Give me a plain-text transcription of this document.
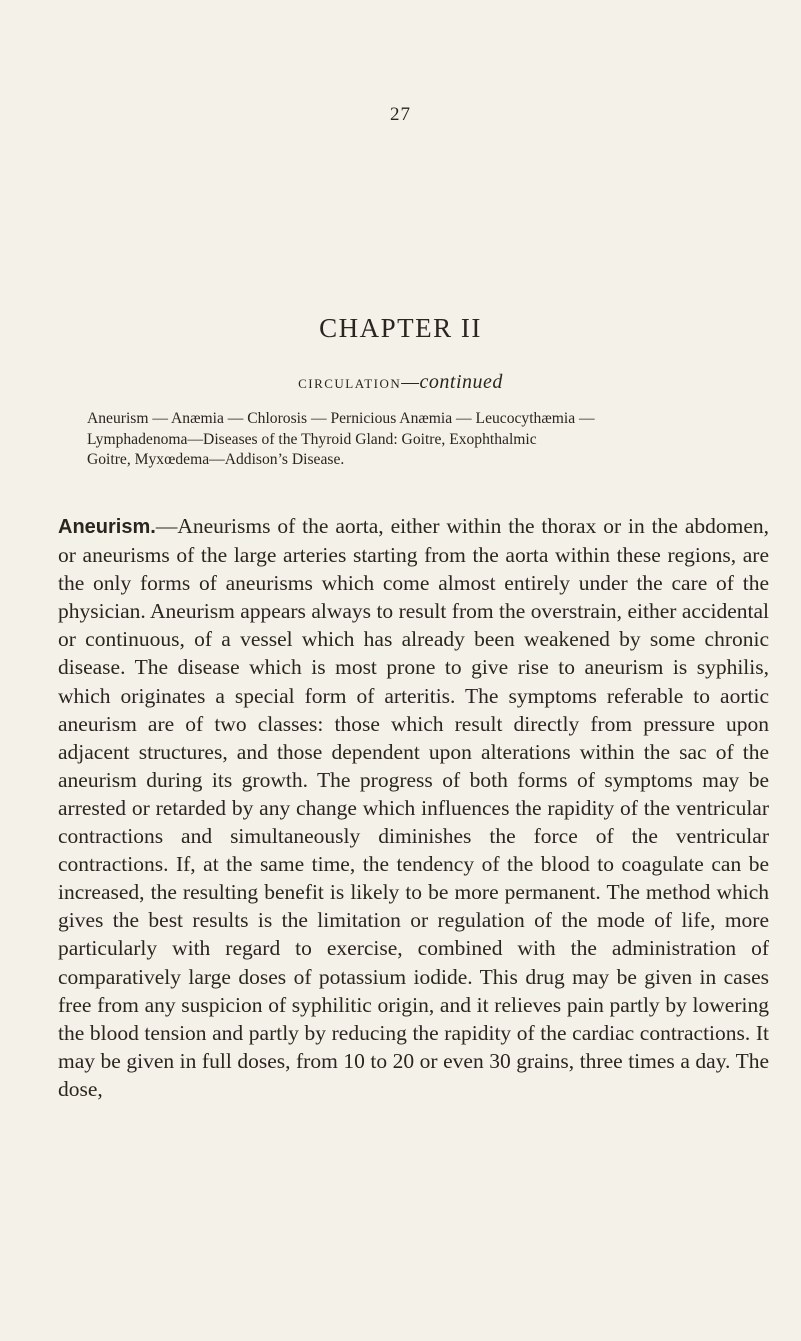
27
CHAPTER II
circulation—continued
Aneurism — Anæmia — Chlorosis — Pernicious Anæmia — Leucocythæmia —
Lymphadenoma—Diseases of the Thyroid Gland: Goitre, Exophthalmic
Goitre, Myxœdema—Addison’s Disease.
Aneurism.—Aneurisms of the aorta, either within the thorax or in the abdomen, or aneurisms of the large arteries starting from the aorta within these regions, are the only forms of aneurisms which come almost entirely under the care of the physician. Aneurism appears always to result from the overstrain, either accidental or continuous, of a vessel which has already been weakened by some chronic disease. The disease which is most prone to give rise to aneurism is syphilis, which originates a special form of arteritis. The symptoms referable to aortic aneurism are of two classes: those which result directly from pressure upon adjacent structures, and those dependent upon alterations within the sac of the aneurism during its growth. The progress of both forms of symptoms may be arrested or retarded by any change which influences the rapidity of the ventricular contractions and simultaneously diminishes the force of the ventricular contractions. If, at the same time, the tendency of the blood to coagulate can be increased, the resulting benefit is likely to be more permanent. The method which gives the best results is the limitation or regulation of the mode of life, more particularly with regard to exercise, combined with the administration of comparatively large doses of potassium iodide. This drug may be given in cases free from any suspicion of syphilitic origin, and it relieves pain partly by lowering the blood tension and partly by reducing the rapidity of the cardiac contractions. It may be given in full doses, from 10 to 20 or even 30 grains, three times a day. The dose,
